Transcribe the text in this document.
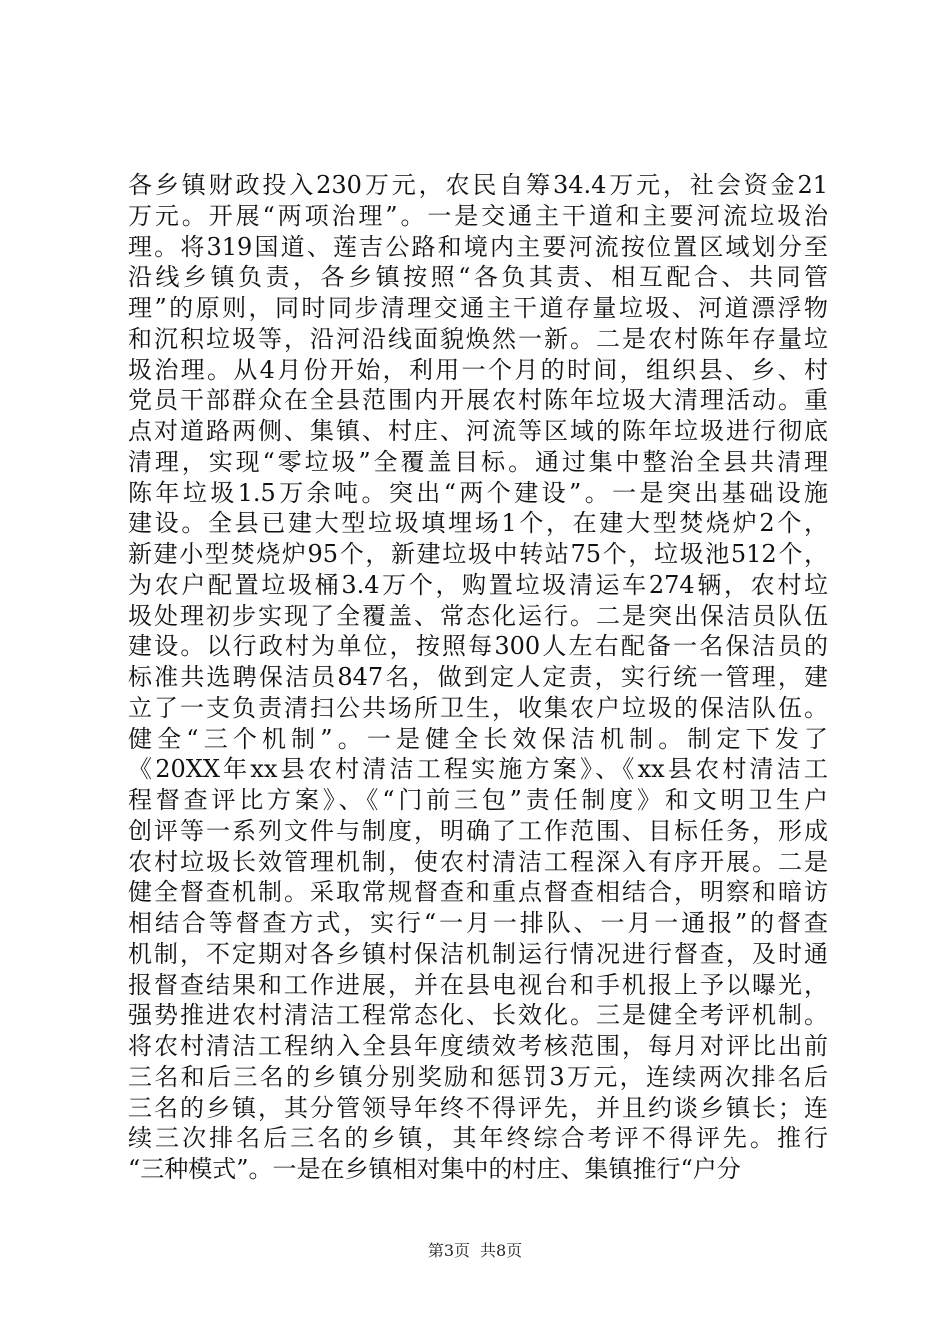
各乡镇财政投入230万元，农民自筹34.4万元，社会资金21
万元。开展“两项治理”。一是交通主干道和主要河流垃圾治
理。将319国道、莲吉公路和境内主要河流按位置区域划分至
沿线乡镇负责，各乡镇按照“各负其责、相互配合、共同管
理”的原则，同时同步清理交通主干道存量垃圾、河道漂浮物
和沉积垃圾等，沿河沿线面貌焕然一新。二是农村陈年存量垃
圾治理。从4月份开始，利用一个月的时间，组织县、乡、村
党员干部群众在全县范围内开展农村陈年垃圾大清理活动。重
点对道路两侧、集镇、村庄、河流等区域的陈年垃圾进行彻底
清理，实现“零垃圾”全覆盖目标。通过集中整治全县共清理
陈年垃圾1.5万余吨。突出“两个建设”。一是突出基础设施
建设。全县已建大型垃圾填埋场1个，在建大型焚烧炉2个，
新建小型焚烧炉95个，新建垃圾中转站75个，垃圾池512个，
为农户配置垃圾桶3.4万个，购置垃圾清运车274辆，农村垃
圾处理初步实现了全覆盖、常态化运行。二是突出保洁员队伍
建设。以行政村为单位，按照每300人左右配备一名保洁员的
标准共选聘保洁员847名，做到定人定责，实行统一管理，建
立了一支负责清扫公共场所卫生，收集农户垃圾的保洁队伍。
健全“三个机制”。一是健全长效保洁机制。制定下发了
《20XX年xx县农村清洁工程实施方案》、《xx县农村清洁工
程督查评比方案》、《“门前三包”责任制度》和文明卫生户
创评等一系列文件与制度，明确了工作范围、目标任务，形成
农村垃圾长效管理机制，使农村清洁工程深入有序开展。二是
健全督查机制。采取常规督查和重点督查相结合，明察和暗访
相结合等督查方式，实行“一月一排队、一月一通报”的督查
机制，不定期对各乡镇村保洁机制运行情况进行督查，及时通
报督查结果和工作进展，并在县电视台和手机报上予以曝光，
强势推进农村清洁工程常态化、长效化。三是健全考评机制。
将农村清洁工程纳入全县年度绩效考核范围，每月对评比出前
三名和后三名的乡镇分别奖励和惩罚3万元，连续两次排名后
三名的乡镇，其分管领导年终不得评先，并且约谈乡镇长；连
续三次排名后三名的乡镇，其年终综合考评不得评先。推行
“三种模式”。一是在乡镇相对集中的村庄、集镇推行“户分
第3页 共8页
